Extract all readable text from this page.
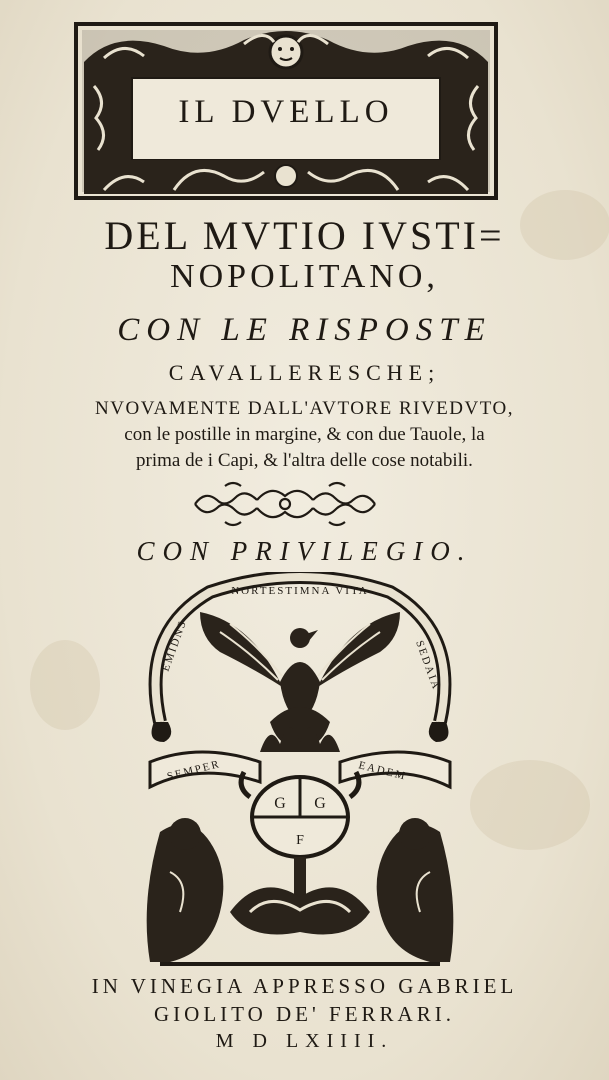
IL DVELLO
DEL MVTIO IVSTI=
NOPOLITANO,
CON LE RISPOSTE
CAVALLERESCHE;
NVOVAMENTE DALL'AVTORE RIVEDVTO,
con le postille in margine, & con due Tauole, la
prima de i Capi, & l'altra delle cose notabili.
CON PRIVILEGIO.
NORTESTIMNA VITA
EMIDNS	SEDAIA
SEMPER	EADEM
G G
F
IN VINEGIA APPRESSO GABRIEL
GIOLITO DE' FERRARI.
M D LXIIII.
